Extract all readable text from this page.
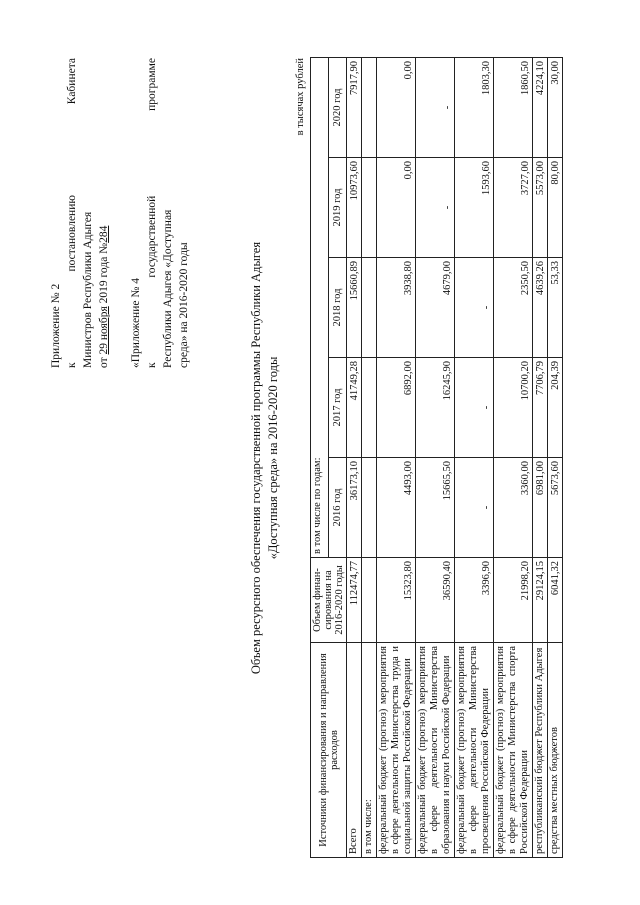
Приложение № 2 к
постановлению
Кабинета
Министров Республики Адыгея от 29 ноября 2019 года №284
«Приложение № 4 к
государственной
программе
Республики Адыгея «Доступная среда» на 2016-2020 годы	Объем ресурсного обеспечения государственной программы Республики Адыгея «Доступная среда» на 2016-2020 годы
в тысячах рублей
Источники финансирования и направления расходов	Объем финан-сирования на 2016-2020 годы	в том числе по годам:				
		2016 год	2017 год	2018 год	2019 год	2020 год
Всего	112474,77	36173,10	41749,28	15660,89	10973,60	7917,90
в том числе:						
федеральный бюджет (прогноз) мероприятия в сфере деятельности Министерства труда и социальной защиты Российской Федерации	15323,80	4493,00	6892,00	3938,80	0,00	0,00
федеральный бюджет (прогноз) мероприятия в сфере деятельности Министерства образования и науки Российской Федерации	36590,40	15665,50	16245,90	4679,00	-	-
федеральный бюджет (прогноз) мероприятия в сфере деятельности Министерства просвещения Российской Федерации	3396,90	-	-	-	1593,60	1803,30
федеральный бюджет (прогноз) мероприятия в сфере деятельности Министерства спорта Российской Федерации	21998,20	3360,00	10700,20	2350,50	3727,00	1860,50
республиканский бюджет Республики Адыгея	29124,15	6981,00	7706,79	4639,26	5573,00	4224,10
средства местных бюджетов	6041,32	5673,60	204,39	53,33	80,00	30,00
